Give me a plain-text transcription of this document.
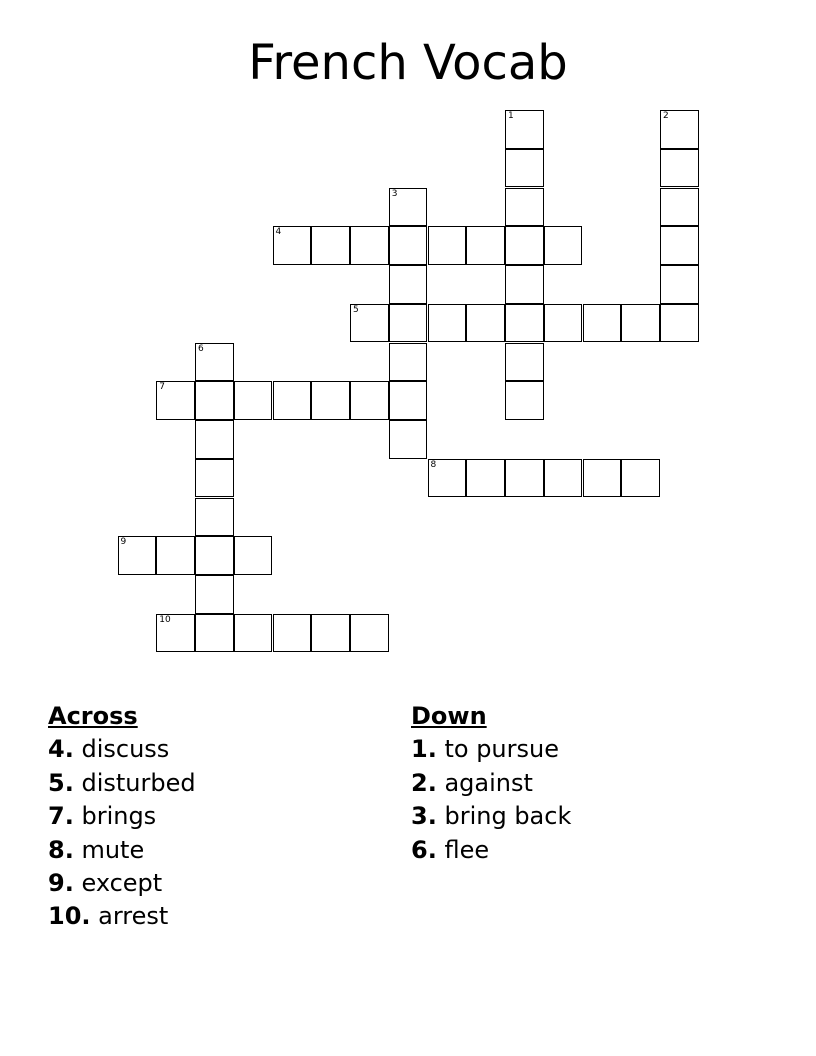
French Vocab
1	2
3
4
5
6
7
8
9
10
Across
4. discuss
5. disturbed
7. brings
8. mute
9. except
10. arrest
Down
1. to pursue
2. against
3. bring back
6. flee
